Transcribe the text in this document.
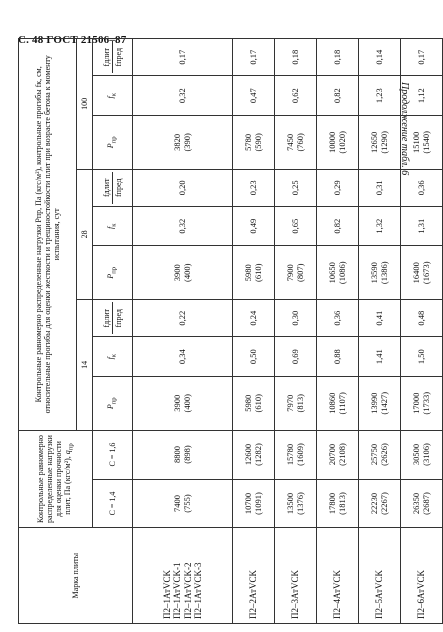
С. 48 ГОСТ 21506–87
Продолжение табл. 6
Марка плиты	Контрольные равномерно распределенные нагрузки для оценки прочности плит, Па (кгс/м²), $q_{пр}$		Контрольные равномерно распределенные нагрузки Pпр, Па (кгс/м²), контрольные прогибы fк, см, относительные прогибы для оценки жесткости и трещиностойкости плит при возрасте бетона к моменту испытания, сут								
			14			28			100		
	C = 1,4	C = 1,6	$P_{пр}$	$f_к$	fдлит fпред	$P_{пр}$	$f_к$	fдлит fпред	$P_{пр}$	$f_к$	fдлит fпред

П2–1АтVCK
П2–1АтVCK-1
П2–1АтVCK-2
П2–1АтVCK-3	7400 (755)	8800 (898)	3900 (400)	0,34	0,22	3900 (400)	0,32	0,20	3820 (390)	0,32	0,17
П2–2АтVCK	10700 (1091)	12600 (1282)	5980 (610)	0,50	0,24	5980 (610)	0,49	0,23	5780 (590)	0,47	0,17
П2–3АтVCK	13500 (1376)	15780 (1609)	7970 (813)	0,69	0,30	7900 (807)	0,65	0,25	7450 (760)	0,62	0,18
П2–4АтVCK	17800 (1813)	20700 (2108)	10860 (1107)	0,88	0,36	10650 (1086)	0,82	0,29	10000 (1020)	0,82	0,18
П2–5АтVCK	22230 (2267)	25750 (2626)	13990 (1427)	1,41	0,41	13590 (1386)	1,32	0,31	12650 (1290)	1,23	0,14
П2–6АтVCK	26350 (2687)	30500 (3106)	17000 (1733)	1,50	0,48	16400 (1673)	1,31	0,36	15100 (1540)	1,12	0,17
